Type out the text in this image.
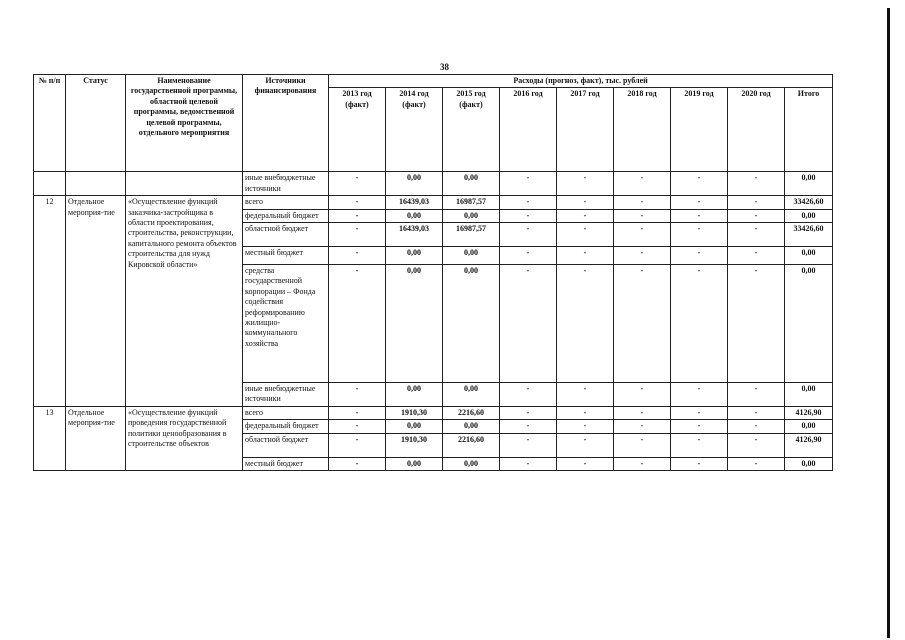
38
№ п/п	Статус	Наименование государственной программы, областной целевой программы, ведомственной целевой программы, отдельного мероприятия	Источники финансирования	Расходы (прогноз, факт), тыс. рублей								
				2013 год (факт)	2014 год (факт)	2015 год (факт)	2016 год	2017 год	2018 год	2019 год	2020 год	Итого
			иные внебюджетные источники	-	0,00	0,00	-	-	-	-	-	0,00
12	Отдельное мероприя-тие	«Осуществление функций заказчика-застройщика в области проектирования, строительства, реконструкции, капитального ремонта объектов строительства для нужд Кировской области»	всего	-	16439,03	16987,57	-	-	-	-	-	33426,60
			федеральный бюджет	-	0,00	0,00	-	-	-	-	-	0,00
			областной бюджет	-	16439,03	16987,57	-	-	-	-	-	33426,60
			местный бюджет	-	0,00	0,00	-	-	-	-	-	0,00
			средства государственной корпорации – Фонда содействия реформированию жилищно-коммунального хозяйства	-	0,00	0,00	-	-	-	-	-	0,00
			иные внебюджетные источники	-	0,00	0,00	-	-	-	-	-	0,00
13	Отдельное мероприя-тие	«Осуществление функций проведения государственной политики ценообразования в строительстве объектов	всего	-	1910,30	2216,60	-	-	-	-	-	4126,90
			федеральный бюджет	-	0,00	0,00	-	-	-	-	-	0,00
			областной бюджет	-	1910,30	2216,60	-	-	-	-	-	4126,90
			местный бюджет	-	0,00	0,00	-	-	-	-	-	0,00
